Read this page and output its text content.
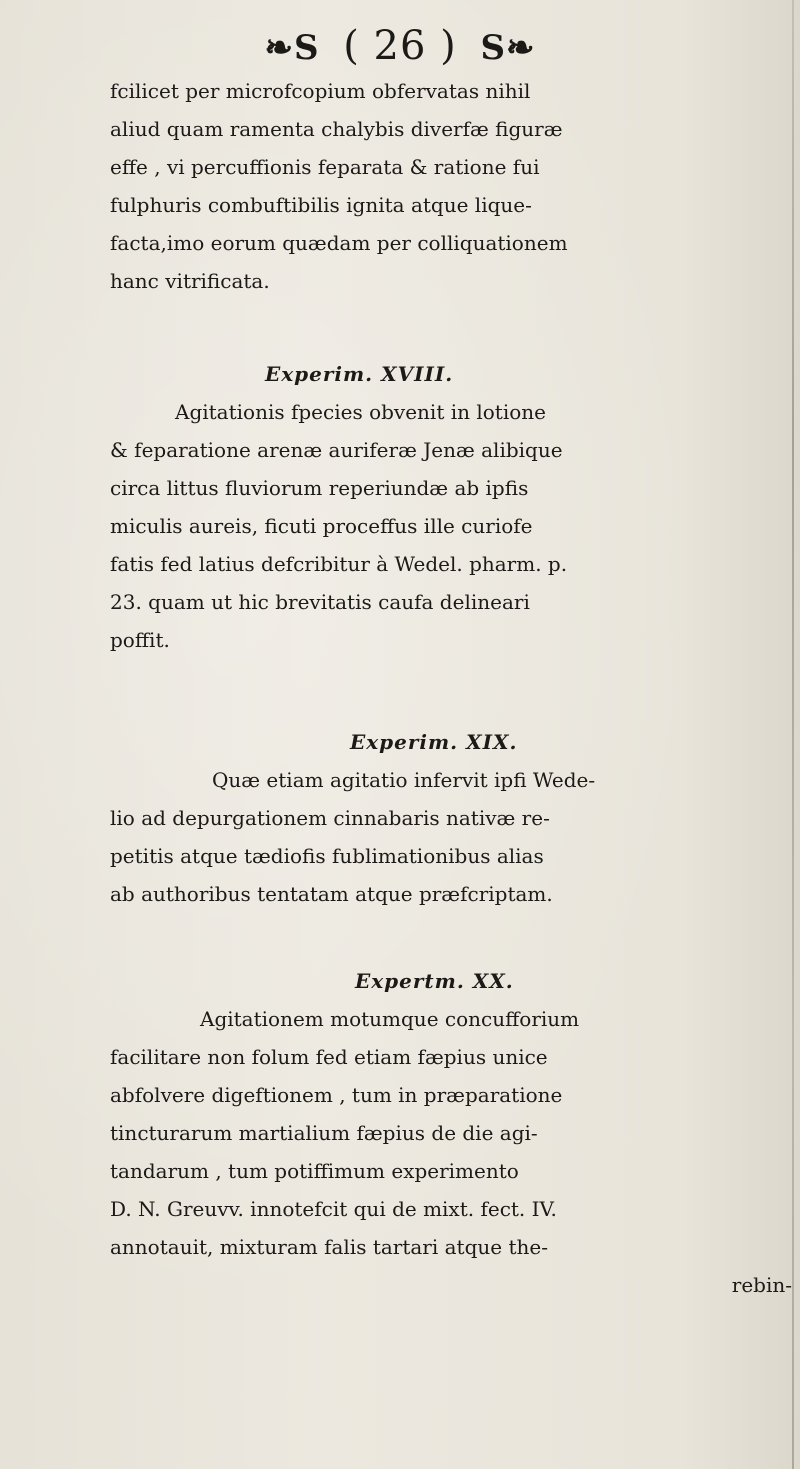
❧S ( 26 ) S❧
fcilicet per microfcopium obfervatas nihil
aliud quam ramenta chalybis diverfæ figuræ
effe , vi percuffionis feparata & ratione fui
fulphuris combuftibilis ignita atque lique-
facta,imo eorum quædam per colliquationem
hanc vitrificata.
Experim. XVIII.
Agitationis fpecies obvenit in lotione
& feparatione arenæ auriferæ Jenæ alibique
circa littus fluviorum reperiundæ ab ipfis
miculis aureis, ficuti proceffus ille curiofe
fatis fed latius defcribitur à Wedel. pharm. p.
23. quam ut hic brevitatis caufa delineari
poffit.
Experim. XIX.
Quæ etiam agitatio infervit ipfi Wede-
lio ad depurgationem cinnabaris nativæ re-
petitis atque tædiofis fublimationibus alias
ab authoribus tentatam atque præfcriptam.
Expertm. XX.
Agitationem motumque concufforium
facilitare non folum fed etiam fæpius unice
abfolvere digeftionem , tum in præparatione
tincturarum martialium fæpius de die agi-
tandarum , tum potiffimum experimento
D. N. Greuvv. innotefcit qui de mixt. fect. IV.
annotauit, mixturam falis tartari atque the-
rebin-
